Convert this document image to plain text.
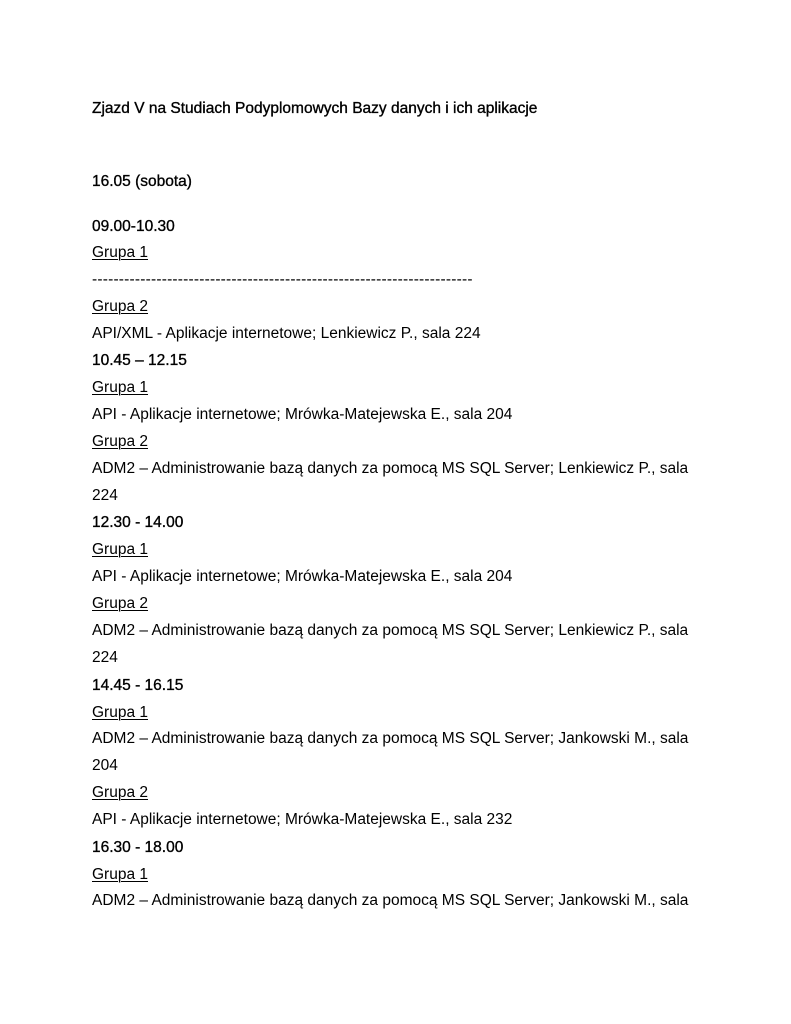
Zjazd V na Studiach Podyplomowych Bazy danych i ich aplikacje
16.05 (sobota)
09.00-10.30
Grupa 1
-----------------------------------------------------------------------
Grupa 2
API/XML - Aplikacje internetowe; Lenkiewicz P., sala 224
10.45 – 12.15
Grupa 1
API - Aplikacje internetowe; Mrówka-Matejewska E., sala 204
Grupa 2
ADM2 – Administrowanie bazą danych za pomocą MS SQL Server; Lenkiewicz P., sala
224
12.30 - 14.00
Grupa 1
API - Aplikacje internetowe; Mrówka-Matejewska E., sala 204
Grupa 2
ADM2 – Administrowanie bazą danych za pomocą MS SQL Server; Lenkiewicz P., sala
224
14.45 - 16.15
Grupa 1
ADM2 – Administrowanie bazą danych za pomocą MS SQL Server; Jankowski M., sala
204
Grupa 2
API - Aplikacje internetowe; Mrówka-Matejewska E., sala 232
16.30 - 18.00
Grupa 1
ADM2 – Administrowanie bazą danych za pomocą MS SQL Server; Jankowski M., sala
